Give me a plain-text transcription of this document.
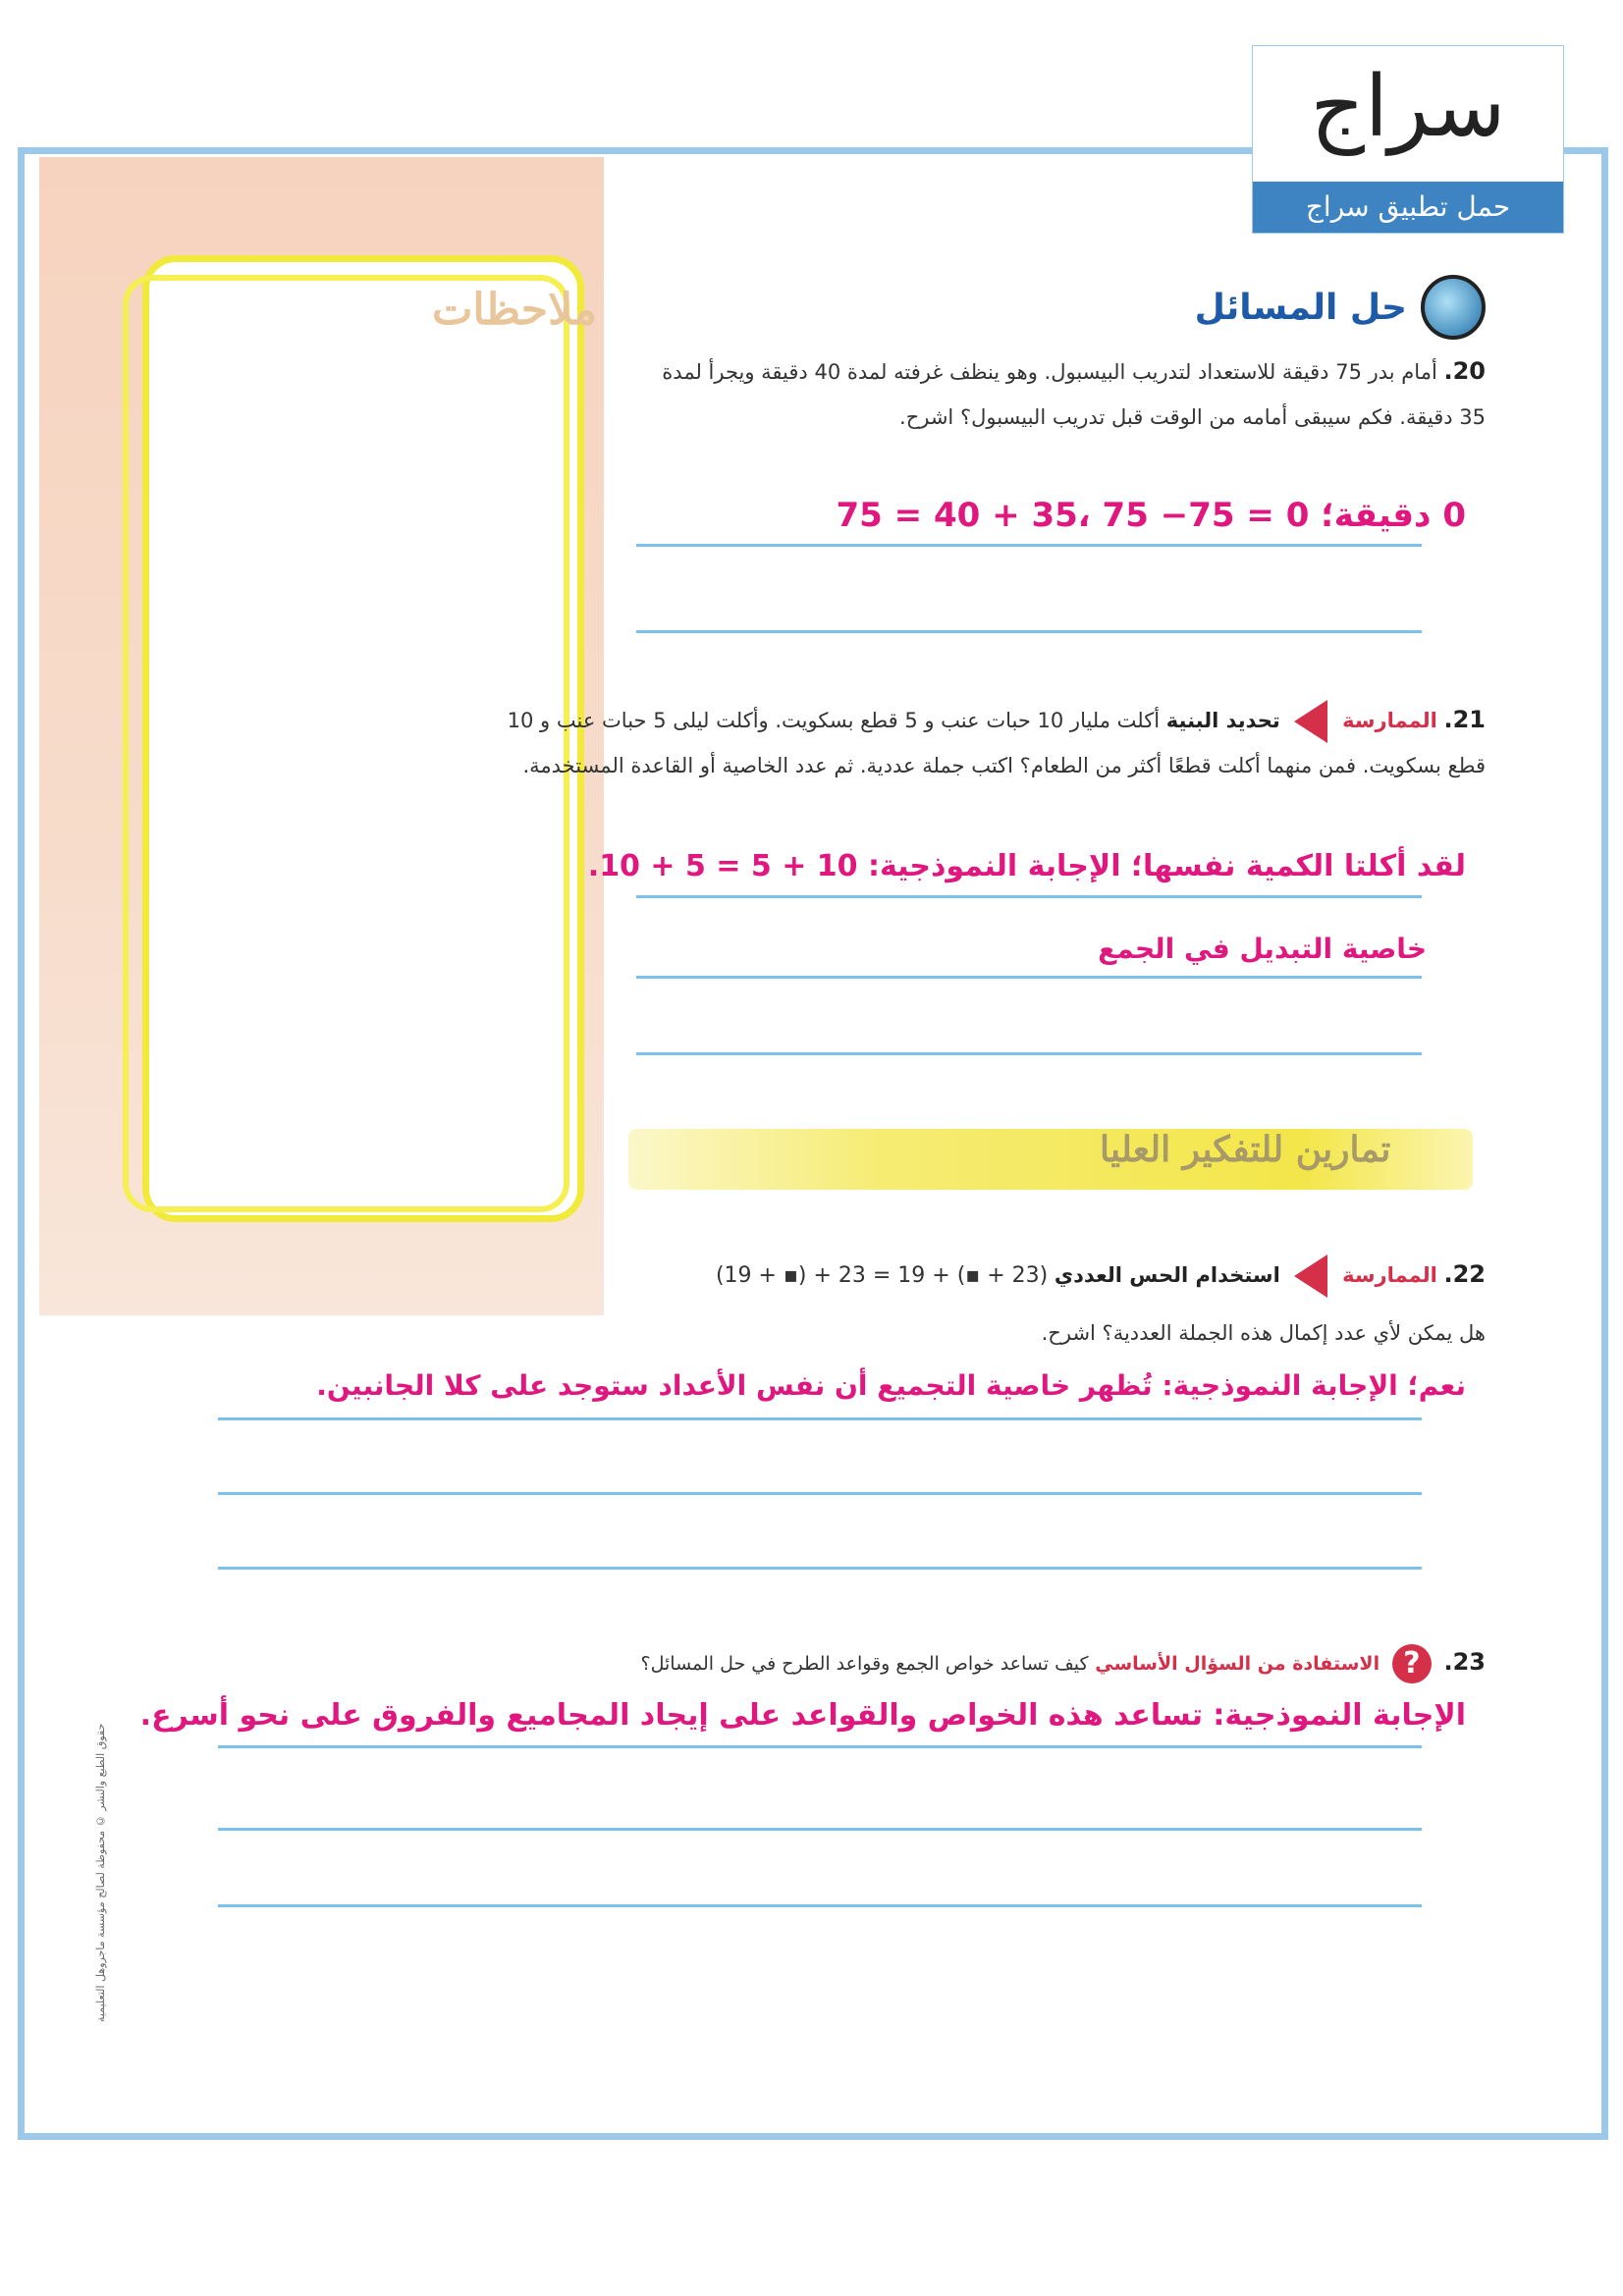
ملاحظات
سراج
حمل تطبيق سراج
حل المسائل
20. أمام بدر 75 دقيقة للاستعداد لتدريب البيسبول. وهو ينظف غرفته لمدة 40 دقيقة ويجرأ لمدة 35 دقيقة. فكم سيبقى أمامه من الوقت قبل تدريب البيسبول؟ اشرح.
0 دقيقة؛ 0 = 75− 75 ،35 + 40 = 75
21. الممارسة  تحديد البنية أكلت مليار 10 حبات عنب و 5 قطع بسكويت. وأكلت ليلى 5 حبات عنب و 10 قطع بسكويت. فمن منهما أكلت قطعًا أكثر من الطعام؟ اكتب جملة عددية. ثم عدد الخاصية أو القاعدة المستخدمة.
لقد أكلتا الكمية نفسها؛ الإجابة النموذجية: 10 + 5 = 5 + 10.
خاصية التبديل في الجمع
تمارين للتفكير العليا
22. الممارسة  استخدام الحس العددي (19 + ▪) + 23 = 19 + (▪ + 23)
هل يمكن لأي عدد إكمال هذه الجملة العددية؟ اشرح.
نعم؛ الإجابة النموذجية: تُظهر خاصية التجميع أن نفس الأعداد ستوجد على كلا الجانبين.
23. ? الاستفادة من السؤال الأساسي كيف تساعد خواص الجمع وقواعد الطرح في حل المسائل؟
الإجابة النموذجية: تساعد هذه الخواص والقواعد على إيجاد المجاميع والفروق على نحو أسرع.
حقوق الطبع والنشر © محفوظة لصالح مؤسسة ماجروهل التعليمية
